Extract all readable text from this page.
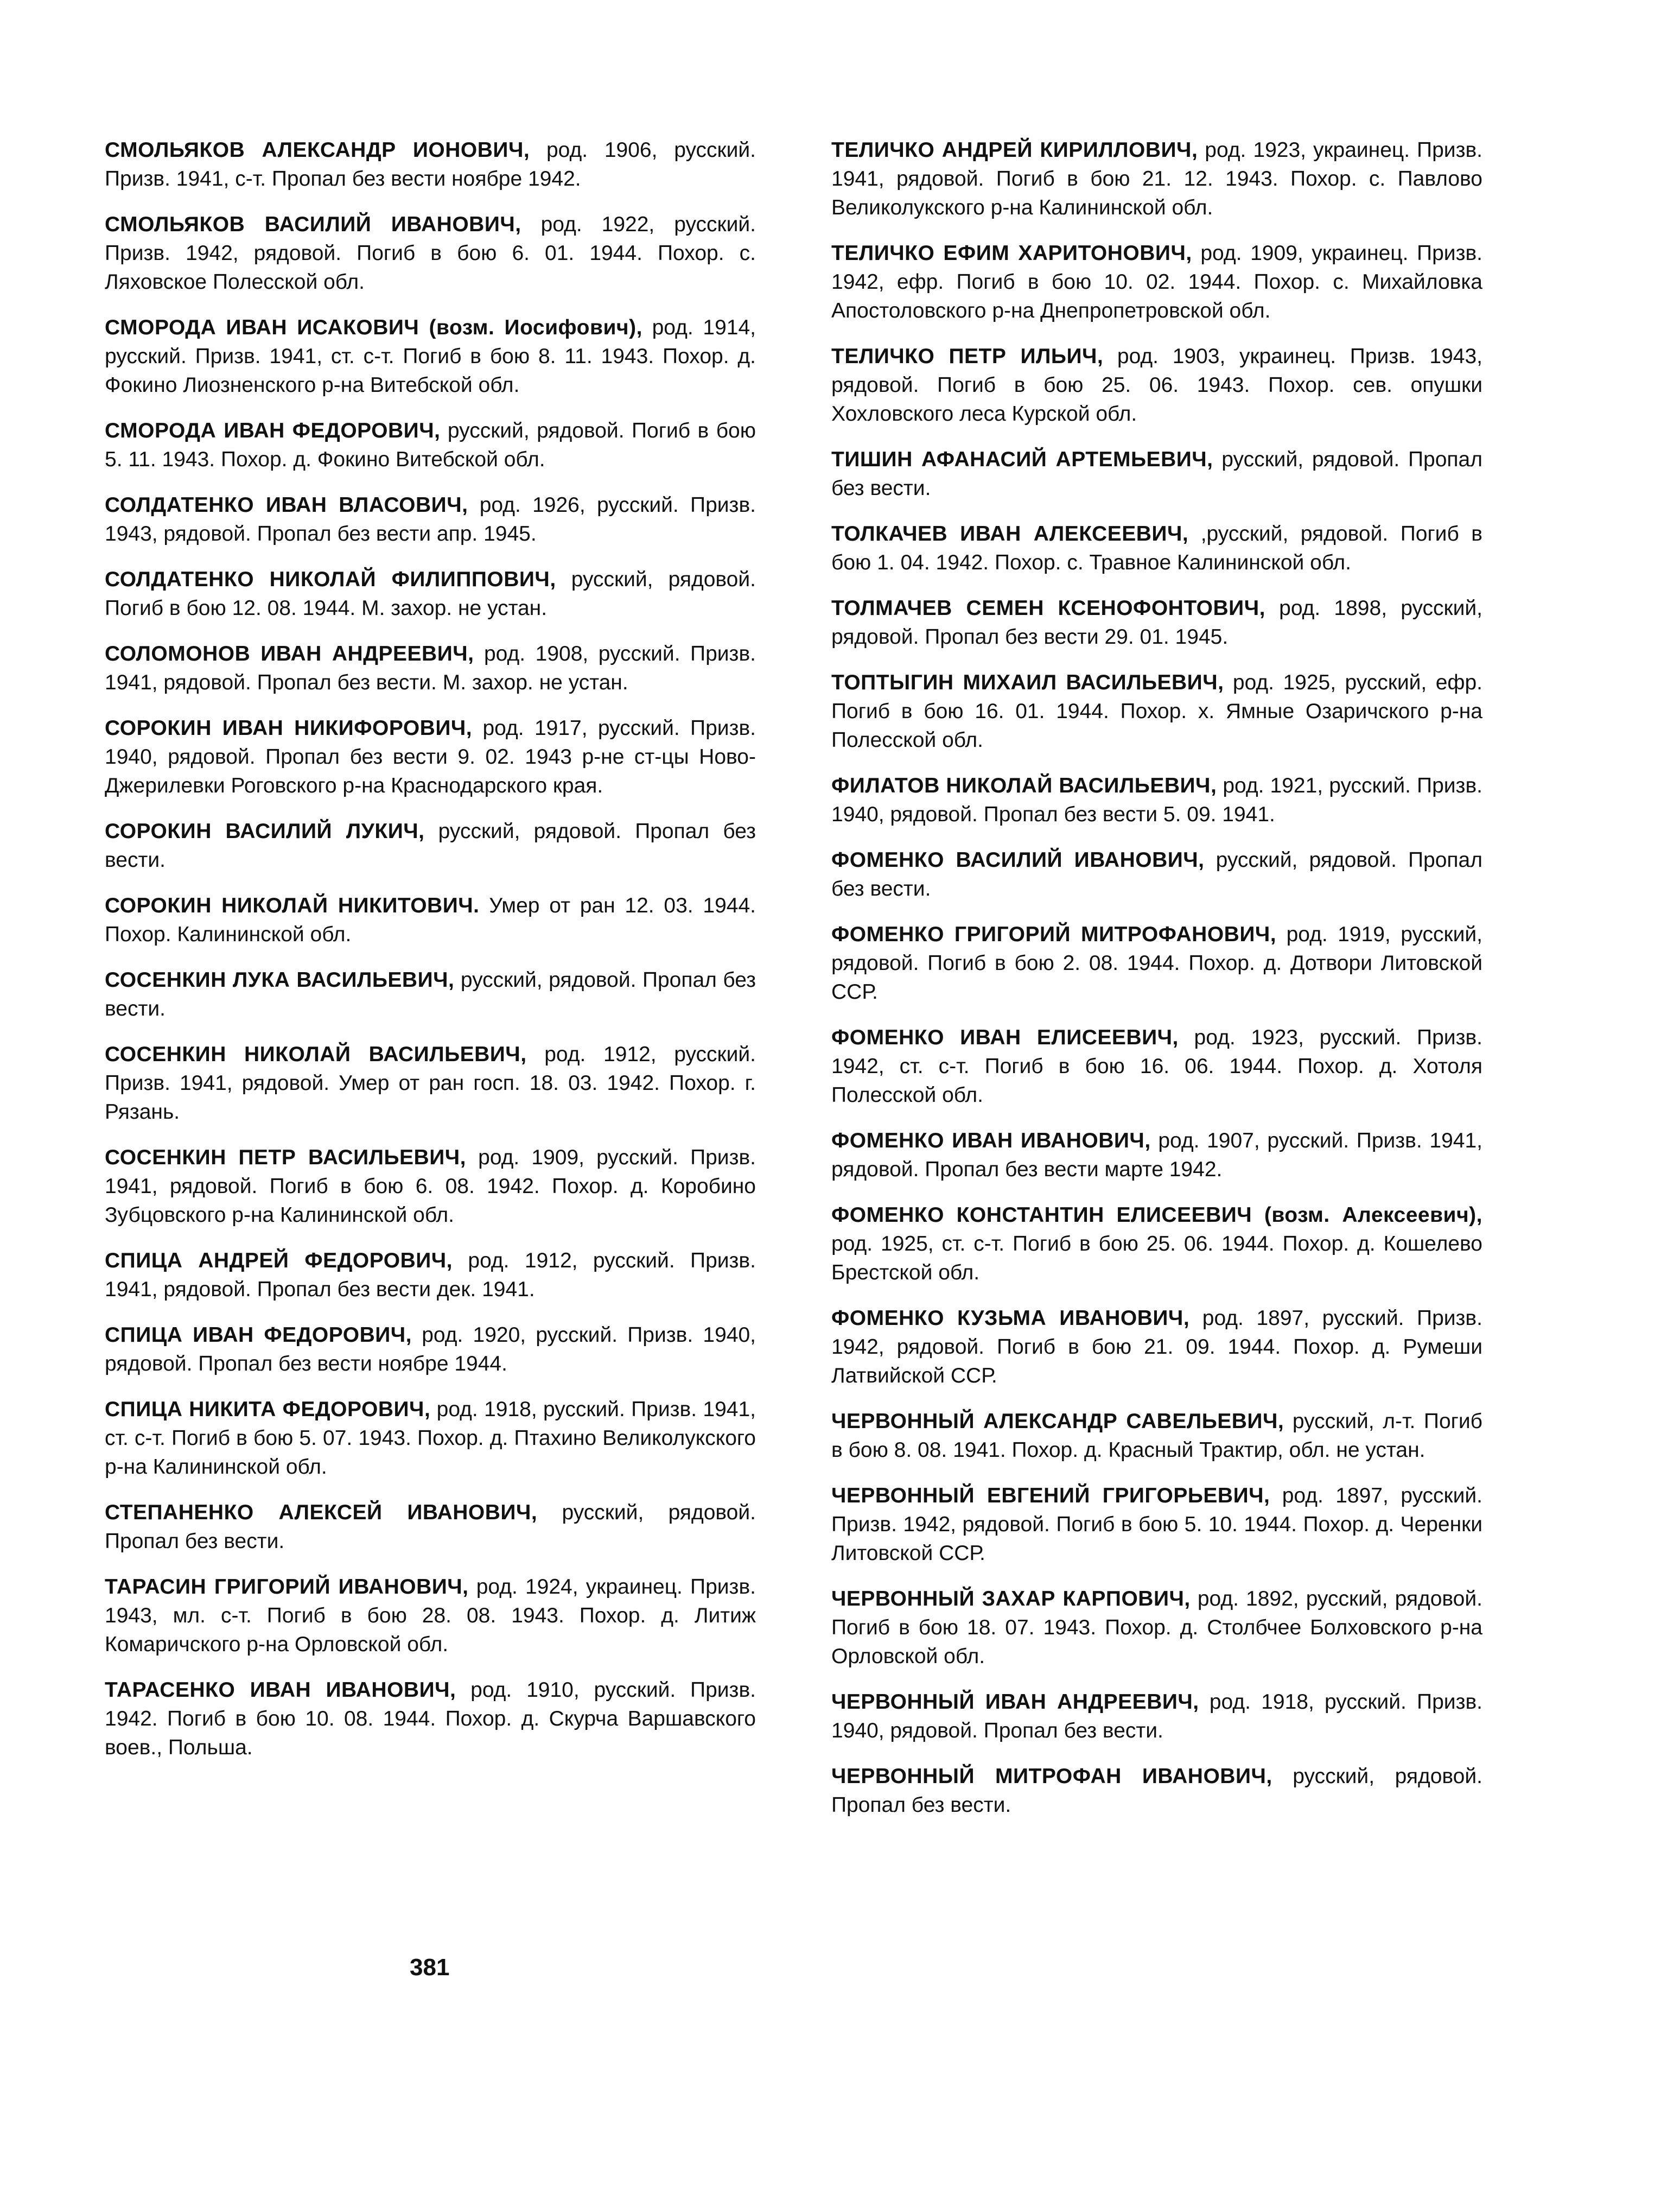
СМОЛЬЯКОВ АЛЕКСАНДР ИОНОВИЧ, род. 1906, русский. Призв. 1941, с-т. Пропал без вести ноябре 1942.

СМОЛЬЯКОВ ВАСИЛИЙ ИВАНОВИЧ, род. 1922, русский. Призв. 1942, рядовой. Погиб в бою 6. 01. 1944. Похор. с. Ляховское Полесской обл.

СМОРОДА ИВАН ИСАКОВИЧ (возм. Иосифович), род. 1914, русский. Призв. 1941, ст. с-т. Погиб в бою 8. 11. 1943. Похор. д. Фокино Лиозненского р-на Витебской обл.

СМОРОДА ИВАН ФЕДОРОВИЧ, русский, рядовой. Погиб в бою 5. 11. 1943. Похор. д. Фокино Витебской обл.

СОЛДАТЕНКО ИВАН ВЛАСОВИЧ, род. 1926, русский. Призв. 1943, рядовой. Пропал без вести апр. 1945.

СОЛДАТЕНКО НИКОЛАЙ ФИЛИППОВИЧ, русский, рядовой. Погиб в бою 12. 08. 1944. М. захор. не устан.

СОЛОМОНОВ ИВАН АНДРЕЕВИЧ, род. 1908, русский. Призв. 1941, рядовой. Пропал без вести. М. захор. не устан.

СОРОКИН ИВАН НИКИФОРОВИЧ, род. 1917, русский. Призв. 1940, рядовой. Пропал без вести 9. 02. 1943 р-не ст-цы Ново-Джерилевки Роговского р-на Краснодарского края.

СОРОКИН ВАСИЛИЙ ЛУКИЧ, русский, рядовой. Пропал без вести.

СОРОКИН НИКОЛАЙ НИКИТОВИЧ. Умер от ран 12. 03. 1944. Похор. Калининской обл.

СОСЕНКИН ЛУКА ВАСИЛЬЕВИЧ, русский, рядовой. Пропал без вести.

СОСЕНКИН НИКОЛАЙ ВАСИЛЬЕВИЧ, род. 1912, русский. Призв. 1941, рядовой. Умер от ран госп. 18. 03. 1942. Похор. г. Рязань.

СОСЕНКИН ПЕТР ВАСИЛЬЕВИЧ, род. 1909, русский. Призв. 1941, рядовой. Погиб в бою 6. 08. 1942. Похор. д. Коробино Зубцовского р-на Калининской обл.

СПИЦА АНДРЕЙ ФЕДОРОВИЧ, род. 1912, русский. Призв. 1941, рядовой. Пропал без вести дек. 1941.

СПИЦА ИВАН ФЕДОРОВИЧ, род. 1920, русский. Призв. 1940, рядовой. Пропал без вести ноябре 1944.

СПИЦА НИКИТА ФЕДОРОВИЧ, род. 1918, русский. Призв. 1941, ст. с-т. Погиб в бою 5. 07. 1943. Похор. д. Птахино Великолукского р-на Калининской обл.

СТЕПАНЕНКО АЛЕКСЕЙ ИВАНОВИЧ, русский, рядовой. Пропал без вести.

ТАРАСИН ГРИГОРИЙ ИВАНОВИЧ, род. 1924, украинец. Призв. 1943, мл. с-т. Погиб в бою 28. 08. 1943. Похор. д. Литиж Комаричского р-на Орловской обл.

ТАРАСЕНКО ИВАН ИВАНОВИЧ, род. 1910, русский. Призв. 1942. Погиб в бою 10. 08. 1944. Похор. д. Скурча Варшавского воев., Польша.

ТЕЛИЧКО АНДРЕЙ КИРИЛЛОВИЧ, род. 1923, украинец. Призв. 1941, рядовой. Погиб в бою 21. 12. 1943. Похор. с. Павлово Великолукского р-на Калининской обл.

ТЕЛИЧКО ЕФИМ ХАРИТОНОВИЧ, род. 1909, украинец. Призв. 1942, ефр. Погиб в бою 10. 02. 1944. Похор. с. Михайловка Апостоловского р-на Днепропетровской обл.

ТЕЛИЧКО ПЕТР ИЛЬИЧ, род. 1903, украинец. Призв. 1943, рядовой. Погиб в бою 25. 06. 1943. Похор. сев. опушки Хохловского леса Курской обл.

ТИШИН АФАНАСИЙ АРТЕМЬЕВИЧ, русский, рядовой. Пропал без вести.

ТОЛКАЧЕВ ИВАН АЛЕКСЕЕВИЧ, ,русский, рядовой. Погиб в бою 1. 04. 1942. Похор. с. Травное Калининской обл.

ТОЛМАЧЕВ СЕМЕН КСЕНОФОНТОВИЧ, род. 1898, русский, рядовой. Пропал без вести 29. 01. 1945.

ТОПТЫГИН МИХАИЛ ВАСИЛЬЕВИЧ, род. 1925, русский, ефр. Погиб в бою 16. 01. 1944. Похор. х. Ямные Озаричского р-на Полесской обл.

ФИЛАТОВ НИКОЛАЙ ВАСИЛЬЕВИЧ, род. 1921, русский. Призв. 1940, рядовой. Пропал без вести 5. 09. 1941.

ФОМЕНКО ВАСИЛИЙ ИВАНОВИЧ, русский, рядовой. Пропал без вести.

ФОМЕНКО ГРИГОРИЙ МИТРОФАНОВИЧ, род. 1919, русский, рядовой. Погиб в бою 2. 08. 1944. Похор. д. Дотвори Литовской ССР.

ФОМЕНКО ИВАН ЕЛИСЕЕВИЧ, род. 1923, русский. Призв. 1942, ст. с-т. Погиб в бою 16. 06. 1944. Похор. д. Хотоля Полесской обл.

ФОМЕНКО ИВАН ИВАНОВИЧ, род. 1907, русский. Призв. 1941, рядовой. Пропал без вести марте 1942.

ФОМЕНКО КОНСТАНТИН ЕЛИСЕЕВИЧ (возм. Алексеевич), род. 1925, ст. с-т. Погиб в бою 25. 06. 1944. Похор. д. Кошелево Брестской обл.

ФОМЕНКО КУЗЬМА ИВАНОВИЧ, род. 1897, русский. Призв. 1942, рядовой. Погиб в бою 21. 09. 1944. Похор. д. Румеши Латвийской ССР.

ЧЕРВОННЫЙ АЛЕКСАНДР САВЕЛЬЕВИЧ, русский, л-т. Погиб в бою 8. 08. 1941. Похор. д. Красный Трактир, обл. не устан.

ЧЕРВОННЫЙ ЕВГЕНИЙ ГРИГОРЬЕВИЧ, род. 1897, русский. Призв. 1942, рядовой. Погиб в бою 5. 10. 1944. Похор. д. Черенки Литовской ССР.

ЧЕРВОННЫЙ ЗАХАР КАРПОВИЧ, род. 1892, русский, рядовой. Погиб в бою 18. 07. 1943. Похор. д. Столбчее Болховского р-на Орловской обл.

ЧЕРВОННЫЙ ИВАН АНДРЕЕВИЧ, род. 1918, русский. Призв. 1940, рядовой. Пропал без вести.

ЧЕРВОННЫЙ МИТРОФАН ИВАНОВИЧ, русский, рядовой. Пропал без вести.

381
